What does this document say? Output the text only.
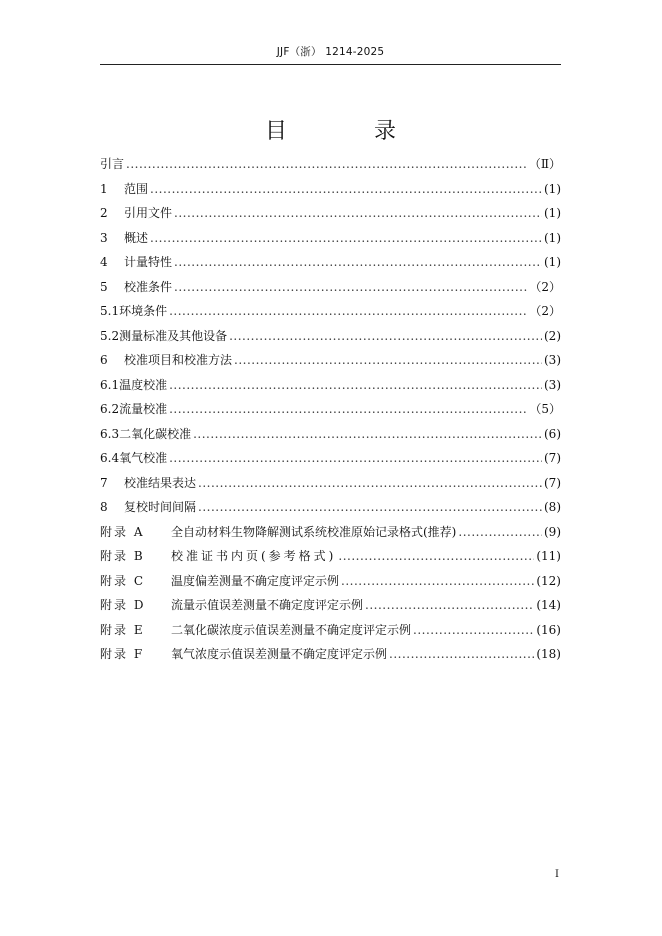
JJF（浙） 1214-2025
目 录
引言 .....	（Ⅱ）
1	范围 .....	(1)
2	引用文件 .....	(1)
3	概述 .....	(1)
4	计量特性 .....	(1)
5	校准条件 .....	（2）
5.1 环境条件 .....	（2）
5.2 测量标准及其他设备 .....	(2)
6	校准项目和校准方法 .....	(3)
6.1 温度校准 .....	(3)
6.2 流量校准 .....	（5）
6.3 二氧化碳校准 .....	(6)
6.4 氧气校准 .....	(7)
7	校准结果表达 .....	(7)
8	复校时间间隔 .....	(8)
附录 A	全自动材料生物降解测试系统校准原始记录格式(推荐) .....	(9)
附录 B	校准证书内页(参考格式) .....	(11)
附录 C	温度偏差测量不确定度评定示例 .....	(12)
附录 D	流量示值误差测量不确定度评定示例 .....	(14)
附录 E	二氧化碳浓度示值误差测量不确定度评定示例 .....	(16)
附录 F	氧气浓度示值误差测量不确定度评定示例 .....	(18)
I
